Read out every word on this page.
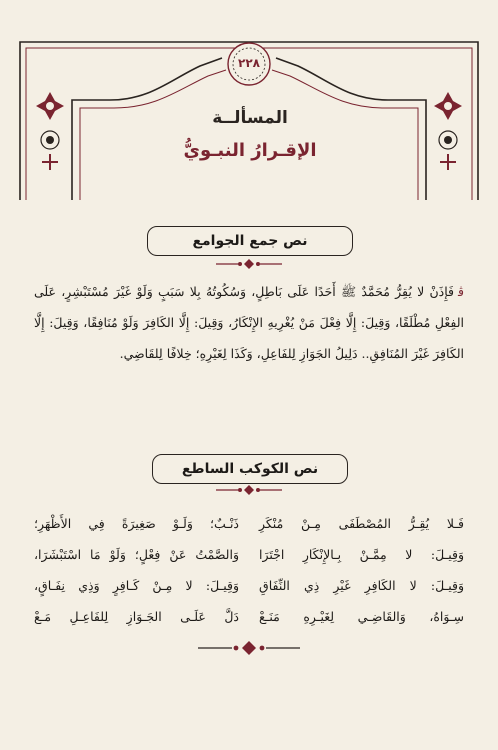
٢٢٨
المسألــة
الإقـرارُ النبـويُّ
نص جمع الجوامع
ﭬفَإِذَنْ لا يُقِرُّ مُحَمَّدٌ ﷺ أَحَدًا عَلَى بَاطِلٍ، وَسُكُوتُهُ بِلا سَبَبٍ وَلَوْ غَيْرَ مُسْتَبْشِرٍ، عَلَى الفِعْلِ مُطْلَقًا، وَقِيلَ: إِلَّا فِعْلَ مَنْ يُغْرِيهِ الإِنْكَارُ، وَقِيلَ: إِلَّا الكَافِرَ وَلَوْ مُنَافِقًا، وَقِيلَ: إِلَّا الكَافِرَ غَيْرَ المُنَافِقِ.. دَلِيلُ الجَوَازِ لِلفَاعِلِ، وَكَذَا لِغَيْرِهِ؛ خِلافًا لِلقَاضِي.
نص الكوكب الساطع
فَـلا يُقِـرُّ المُصْطَفَى مِـنْ مُنْكَرِ
ذَنْـبٌ؛ وَلَـوْ صَغِيرَةً فِي الأَظْهَرِ؛
وَقِيـلَ: لا مِمَّـنْ بِـالإِنْكَارِ اجْتَرَا
وَالصَّمْتُ عَنْ فِعْلٍ؛ وَلَوْ مَا اسْتَبْشَرَا،
وَقِيـلَ: لا الكَافِرِ غَيْرِ ذِي النِّفَاقِ
وَقِيـلَ: لا مِـنْ كَـافِرٍ وَذِي نِفَـاقٍ،
سِـوَاهُ، وَالقَاضِـي لِغَيْـرِهِ مَنَـعْ
دَلَّ عَلَـى الجَـوَازِ لِلفَاعِـلِ مَـعْ
